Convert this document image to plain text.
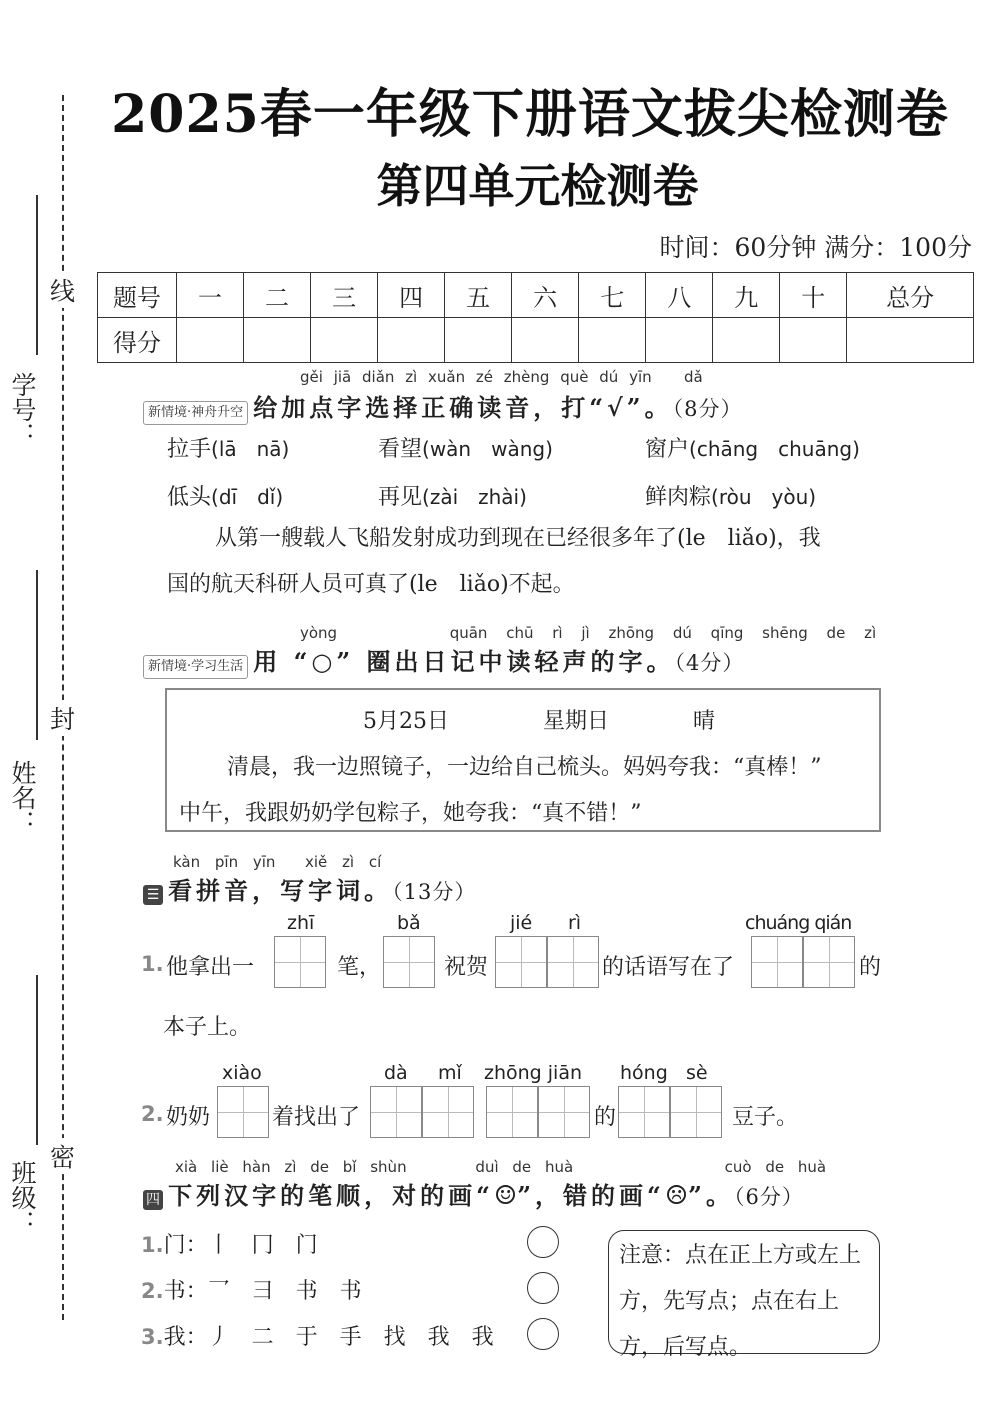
学号：
姓名：
班级：
线
封
密
2025春一年级下册语文拔尖检测卷
第四单元检测卷
时间：60分钟 满分：100分
题号	一	二	三	四	五	六	七	八	九	十	总分
得分											
gěi jiā diǎn zì xuǎn zé zhèng què dú yīn dǎ
新情境·神舟升空 给加点字选择正确读音，打“√”。（8分）
拉手(lā　nā)	看望(wàn　wàng)	窗户(chāng　chuāng)
低头(dī　dǐ)	再见(zài　zhài)	鲜肉粽(ròu　yòu)
从第一艘载人飞船发射成功到现在已经很多年了(le　liǎo)，我
国的航天科研人员可真了(le　liǎo)不起。
yòng	quān chū rì jì zhōng dú qīng shēng de zì
新情境·学习生活 用 “○” 圈出日记中读轻声的字。（4分）
5月25日	星期日	晴
清晨，我一边照镜子，一边给自己梳头。妈妈夸我：“真棒！”
中午，我跟奶奶学包粽子，她夸我：“真不错！”
kàn pīn yīn xiě zì cí
☰ 看拼音，写字词。（13分）
1. 他拿出一
zhī
笔，
bǎ
祝贺
jié rì
的话语写在了
chuáng qián
的
本子上。
2. 奶奶
xiào
着找出了
dà mǐ zhōng jiān
的
hóng sè
豆子。
xià liè hàn zì de bǐ shùn	duì de huà	cuò de huà
四 下列汉字的笔顺，对的画“☺”，错的画“☹”。（6分）
1.门：丨　冂　门
2.书：乛　⺕　书　书
3.我：丿　二　于　手　找　我　我
注意：点在正上方或左上方，先写点；点在右上方，后写点。
